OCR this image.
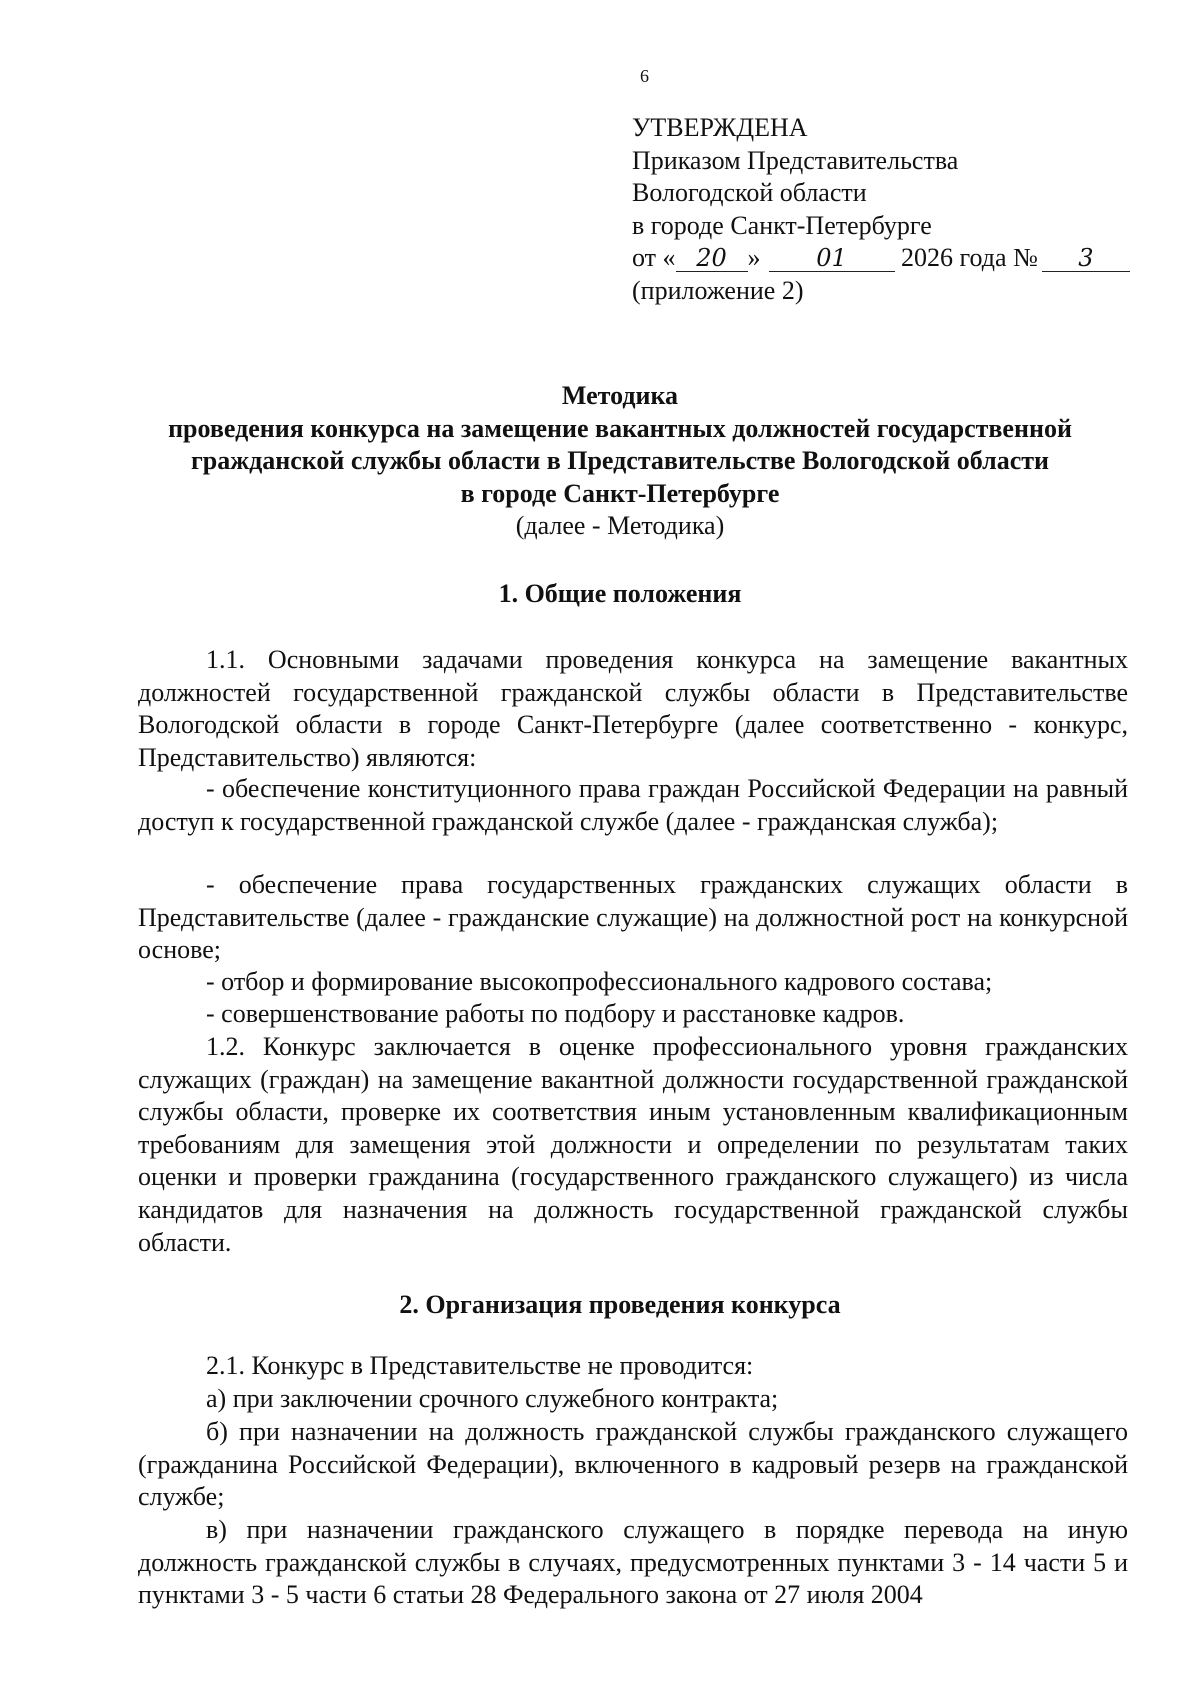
6
УТВЕРЖДЕНА
Приказом Представительства
Вологодской области
в городе Санкт-Петербурге
от « 20 » 01 2026 года № 3
(приложение 2)
Методика
проведения конкурса на замещение вакантных должностей государственной
гражданской службы области в Представительстве Вологодской области
в городе Санкт-Петербурге
(далее - Методика)
1. Общие положения
1.1. Основными задачами проведения конкурса на замещение вакантных должностей государственной гражданской службы области в Представительстве Вологодской области в городе Санкт-Петербурге (далее соответственно - конкурс, Представительство) являются:
- обеспечение конституционного права граждан Российской Федерации на равный доступ к государственной гражданской службе (далее - гражданская служба);
- обеспечение права государственных гражданских служащих области в Представительстве (далее - гражданские служащие) на должностной рост на конкурсной основе;
- отбор и формирование высокопрофессионального кадрового состава;
- совершенствование работы по подбору и расстановке кадров.
1.2. Конкурс заключается в оценке профессионального уровня гражданских служащих (граждан) на замещение вакантной должности государственной гражданской службы области, проверке их соответствия иным установленным квалификационным требованиям для замещения этой должности и определении по результатам таких оценки и проверки гражданина (государственного гражданского служащего) из числа кандидатов для назначения на должность государственной гражданской службы области.
2. Организация проведения конкурса
2.1. Конкурс в Представительстве не проводится:
а) при заключении срочного служебного контракта;
б) при назначении на должность гражданской службы гражданского служащего (гражданина Российской Федерации), включенного в кадровый резерв на гражданской службе;
в) при назначении гражданского служащего в порядке перевода на иную должность гражданской службы в случаях, предусмотренных пунктами 3 - 14 части 5 и пунктами 3 - 5 части 6 статьи 28 Федерального закона от 27 июля 2004
